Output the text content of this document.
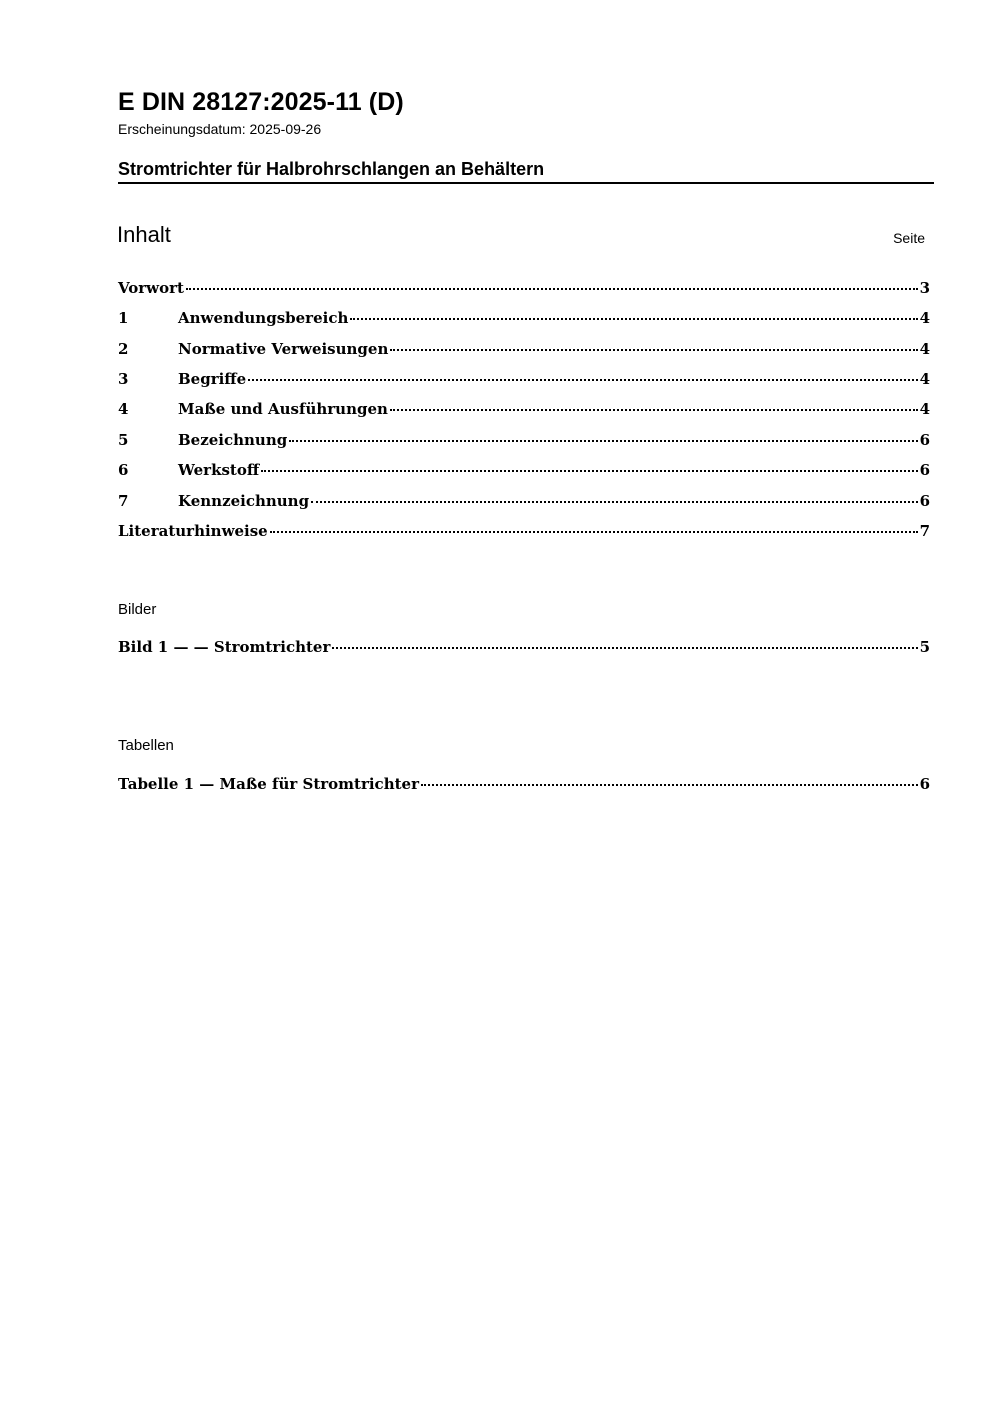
E DIN 28127:2025-11 (D)
Erscheinungsdatum: 2025-09-26
Stromtrichter für Halbrohrschlangen an Behältern
Inhalt	Seite
Vorwort	3
1	Anwendungsbereich	4
2	Normative Verweisungen	4
3	Begriffe	4
4	Maße und Ausführungen	4
5	Bezeichnung	6
6	Werkstoff	6
7	Kennzeichnung	6
Literaturhinweise	7
Bilder
Bild 1 — — Stromtrichter	5
Tabellen
Tabelle 1 — Maße für Stromtrichter	6
